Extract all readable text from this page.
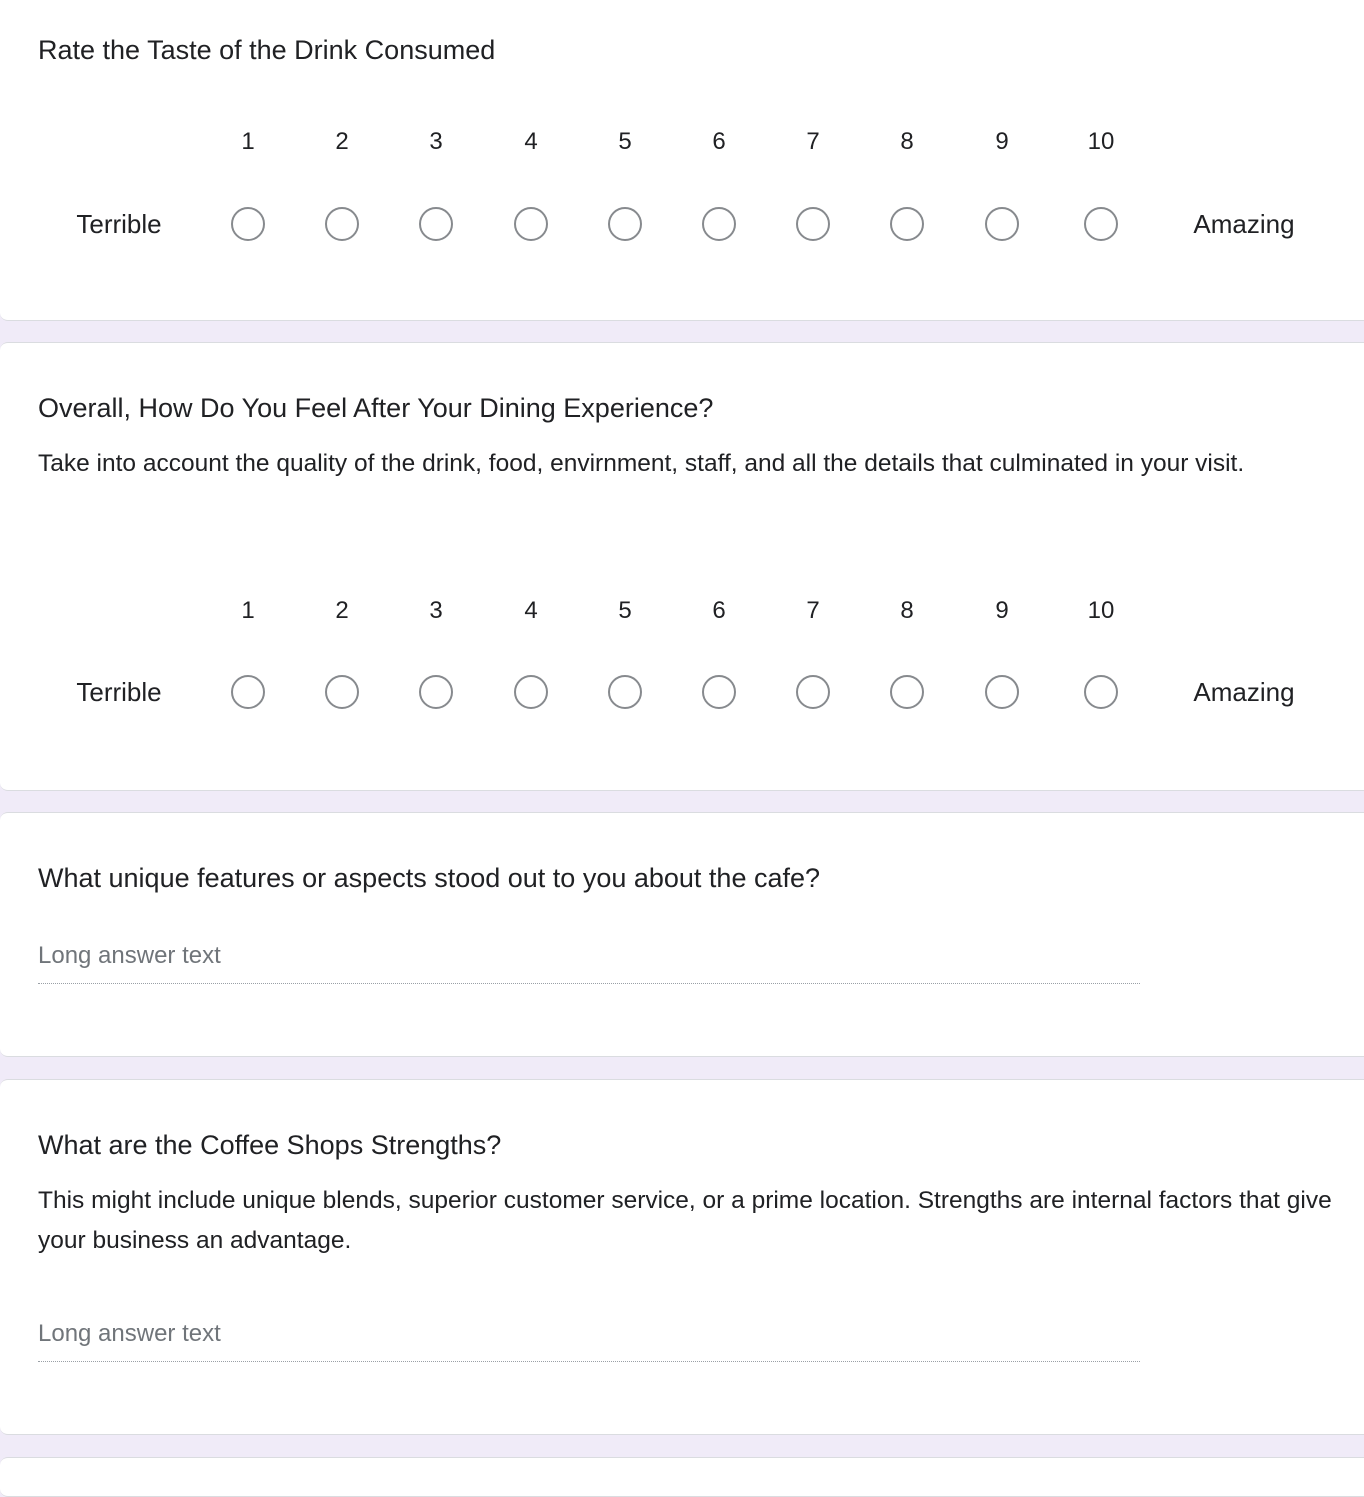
Rate the Taste of the Drink Consumed
1	2	3	4	5	6	7	8	9	10
Terrible	Amazing
Overall, How Do You Feel After Your Dining Experience?
Take into account the quality of the drink, food, envirnment, staff, and all the details that culminated in your visit.
1	2	3	4	5	6	7	8	9	10
Terrible	Amazing
What unique features or aspects stood out to you about the cafe?
Long answer text
What are the Coffee Shops Strengths?
This might include unique blends, superior customer service, or a prime location. Strengths are internal factors that give your business an advantage.
Long answer text
